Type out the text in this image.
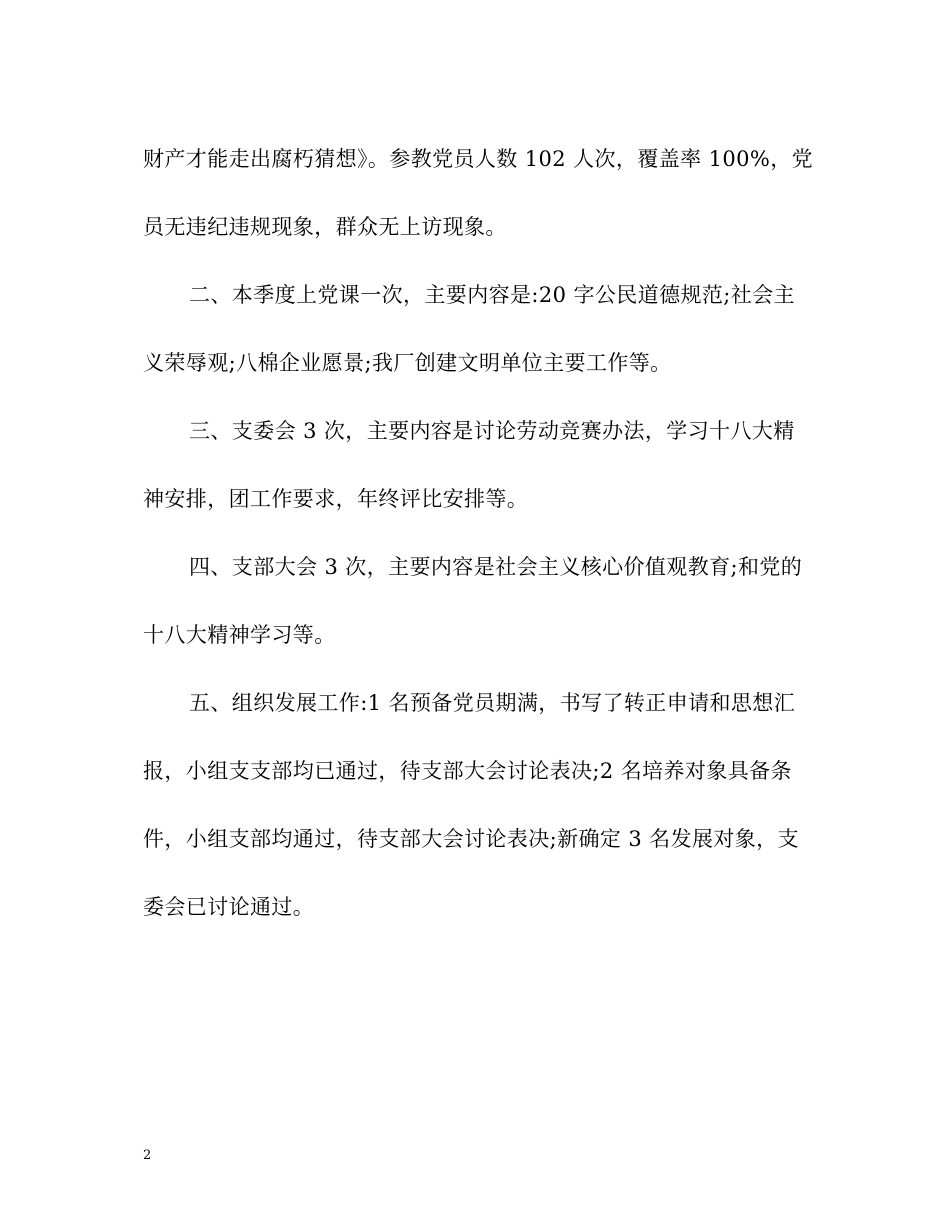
财产才能走出腐朽猜想》。参教党员人数 102 人次，覆盖率 100%，党
员无违纪违规现象，群众无上访现象。
二、本季度上党课一次，主要内容是:20 字公民道德规范;社会主
义荣辱观;八棉企业愿景;我厂创建文明单位主要工作等。
三、支委会 3 次，主要内容是讨论劳动竞赛办法，学习十八大精
神安排，团工作要求，年终评比安排等。
四、支部大会 3 次，主要内容是社会主义核心价值观教育;和党的
十八大精神学习等。
五、组织发展工作:1 名预备党员期满，书写了转正申请和思想汇
报，小组支支部均已通过，待支部大会讨论表决;2 名培养对象具备条
件，小组支部均通过，待支部大会讨论表决;新确定 3 名发展对象，支
委会已讨论通过。
2
